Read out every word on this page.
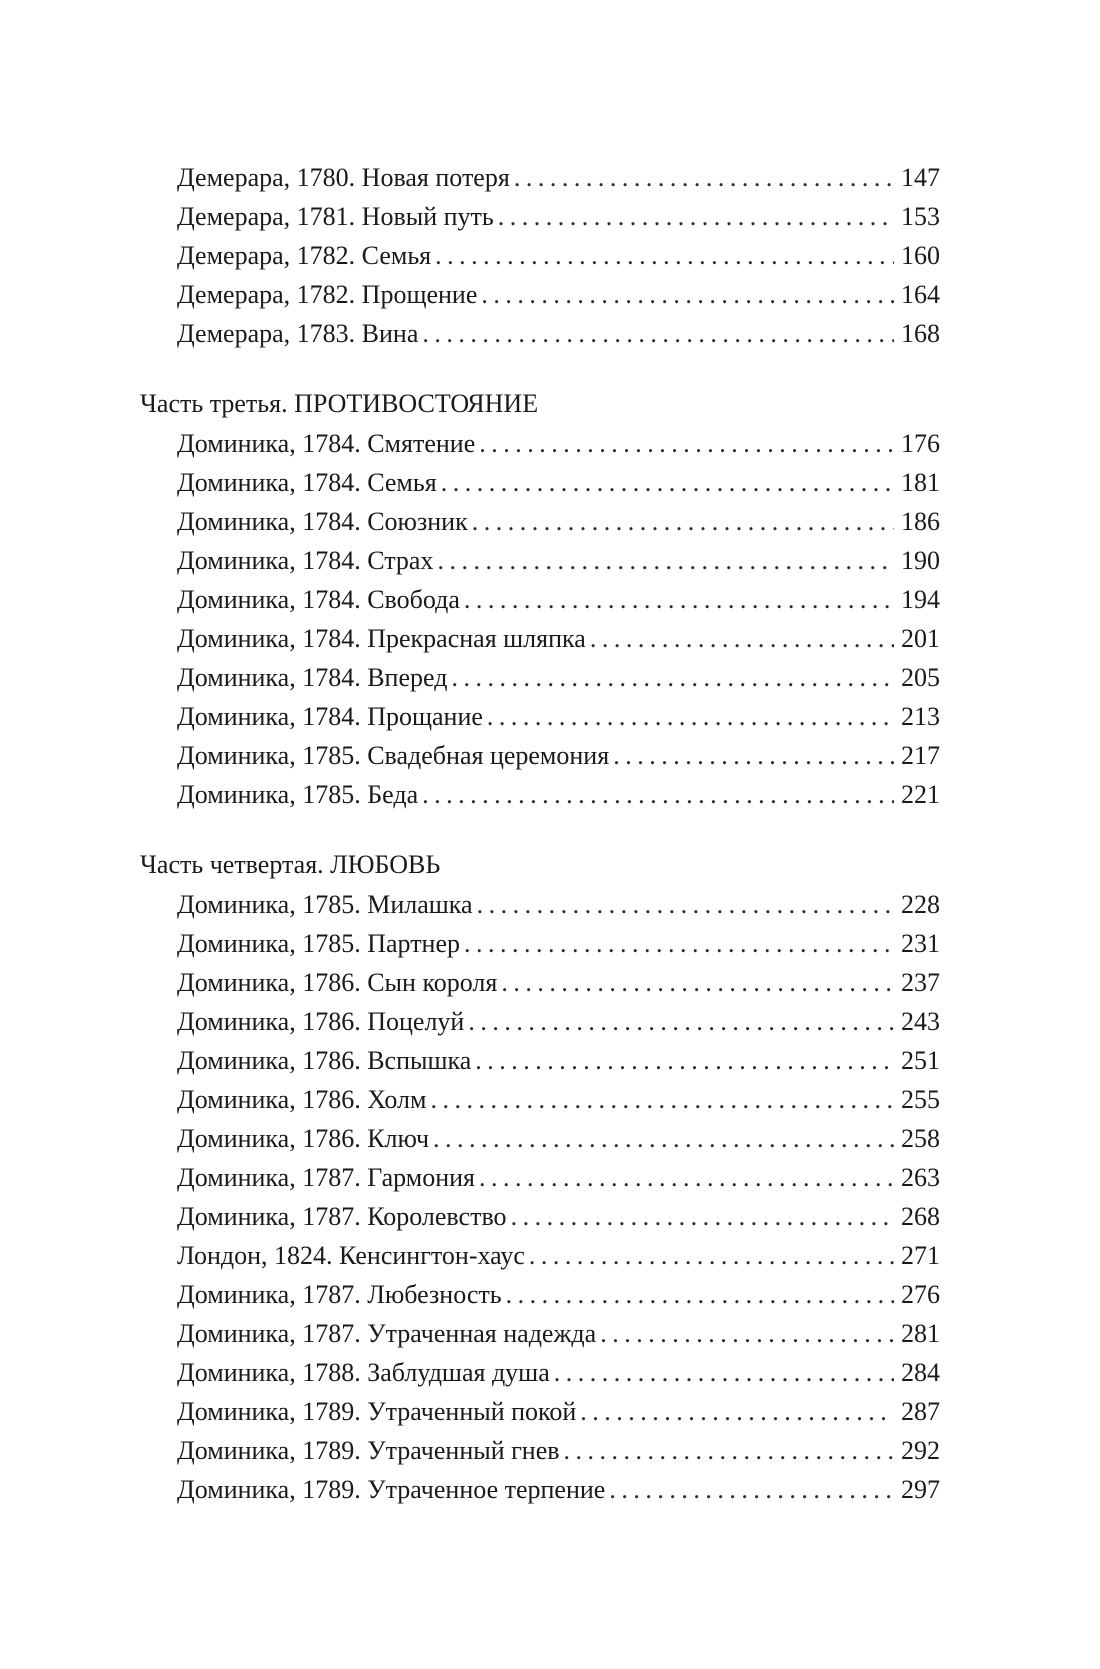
Демерара, 1780. Новая потеря . . .	147
Демерара, 1781. Новый путь . . .	153
Демерара, 1782. Семья . . .	160
Демерара, 1782. Прощение . . .	164
Демерара, 1783. Вина . . .	168
Часть третья. ПРОТИВОСТОЯНИЕ
Доминика, 1784. Смятение . . .	176
Доминика, 1784. Семья . . .	181
Доминика, 1784. Союзник . . .	186
Доминика, 1784. Страх . . .	190
Доминика, 1784. Свобода . . .	194
Доминика, 1784. Прекрасная шляпка . . .	201
Доминика, 1784. Вперед . . .	205
Доминика, 1784. Прощание . . .	213
Доминика, 1785. Свадебная церемония . . .	217
Доминика, 1785. Беда . . .	221
Часть четвертая. ЛЮБОВЬ
Доминика, 1785. Милашка . . .	228
Доминика, 1785. Партнер . . .	231
Доминика, 1786. Сын короля . . .	237
Доминика, 1786. Поцелуй . . .	243
Доминика, 1786. Вспышка . . .	251
Доминика, 1786. Холм . . .	255
Доминика, 1786. Ключ . . .	258
Доминика, 1787. Гармония . . .	263
Доминика, 1787. Королевство . . .	268
Лондон, 1824. Кенсингтон-хаус . . .	271
Доминика, 1787. Любезность . . .	276
Доминика, 1787. Утраченная надежда . . .	281
Доминика, 1788. Заблудшая душа . . .	284
Доминика, 1789. Утраченный покой . . .	287
Доминика, 1789. Утраченный гнев . . .	292
Доминика, 1789. Утраченное терпение . . .	297
